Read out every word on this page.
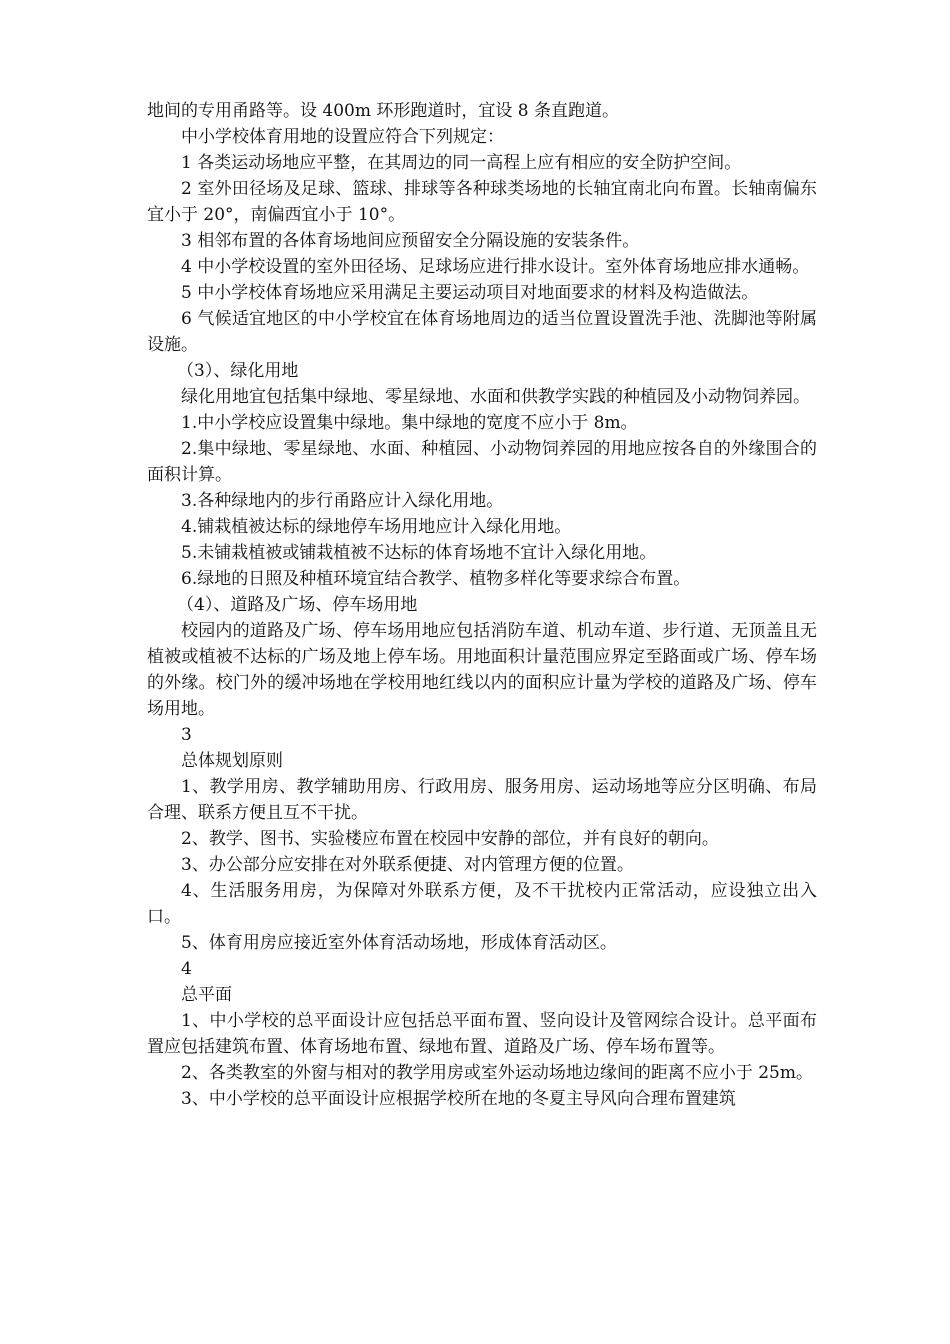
地间的专用甬路等。设 400m 环形跑道时，宜设 8 条直跑道。

中小学校体育用地的设置应符合下列规定：

1 各类运动场地应平整，在其周边的同一高程上应有相应的安全防护空间。

2 室外田径场及足球、篮球、排球等各种球类场地的长轴宜南北向布置。长轴南偏东宜小于 20°，南偏西宜小于 10°。

3 相邻布置的各体育场地间应预留安全分隔设施的安装条件。

4 中小学校设置的室外田径场、足球场应进行排水设计。室外体育场地应排水通畅。

5 中小学校体育场地应采用满足主要运动项目对地面要求的材料及构造做法。

6 气候适宜地区的中小学校宜在体育场地周边的适当位置设置洗手池、洗脚池等附属设施。

（3）、绿化用地

绿化用地宜包括集中绿地、零星绿地、水面和供教学实践的种植园及小动物饲养园。

1.中小学校应设置集中绿地。集中绿地的宽度不应小于 8m。

2.集中绿地、零星绿地、水面、种植园、小动物饲养园的用地应按各自的外缘围合的面积计算。

3.各种绿地内的步行甬路应计入绿化用地。

4.铺栽植被达标的绿地停车场用地应计入绿化用地。

5.未铺栽植被或铺栽植被不达标的体育场地不宜计入绿化用地。

6.绿地的日照及种植环境宜结合教学、植物多样化等要求综合布置。

（4）、道路及广场、停车场用地

校园内的道路及广场、停车场用地应包括消防车道、机动车道、步行道、无顶盖且无植被或植被不达标的广场及地上停车场。用地面积计量范围应界定至路面或广场、停车场的外缘。校门外的缓冲场地在学校用地红线以内的面积应计量为学校的道路及广场、停车场用地。

3

总体规划原则

1、教学用房、教学辅助用房、行政用房、服务用房、运动场地等应分区明确、布局合理、联系方便且互不干扰。

2、教学、图书、实验楼应布置在校园中安静的部位，并有良好的朝向。

3、办公部分应安排在对外联系便捷、对内管理方便的位置。

4、生活服务用房，为保障对外联系方便，及不干扰校内正常活动，应设独立出入口。

5、体育用房应接近室外体育活动场地，形成体育活动区。

4

总平面

1、中小学校的总平面设计应包括总平面布置、竖向设计及管网综合设计。总平面布置应包括建筑布置、体育场地布置、绿地布置、道路及广场、停车场布置等。

2、各类教室的外窗与相对的教学用房或室外运动场地边缘间的距离不应小于 25m。

3、中小学校的总平面设计应根据学校所在地的冬夏主导风向合理布置建筑
